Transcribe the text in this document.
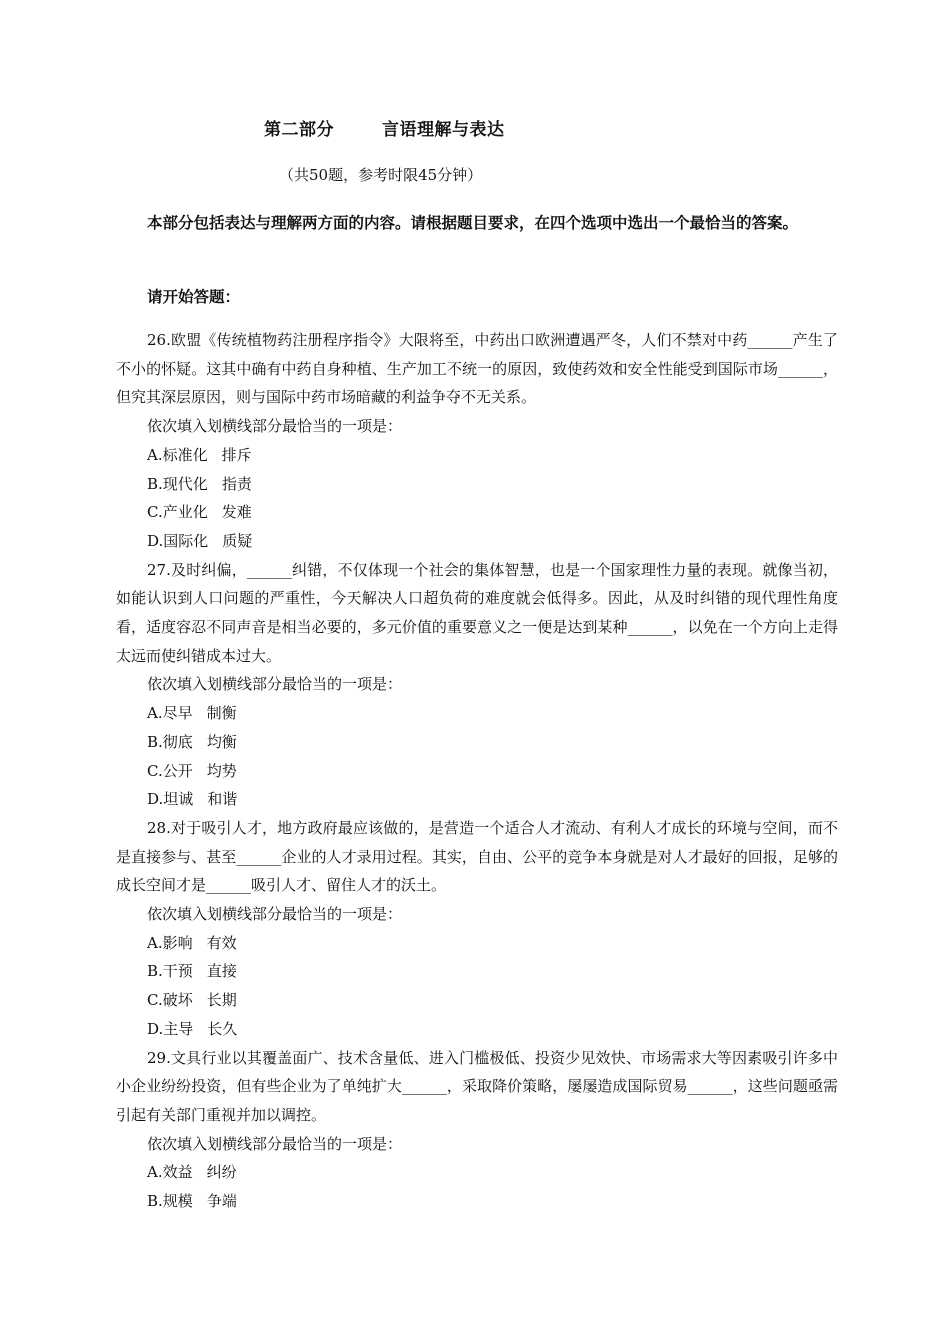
第二部分	言语理解与表达
（共50题，参考时限45分钟）

本部分包括表达与理解两方面的内容。请根据题目要求，在四个选项中选出一个最恰当的答案。

请开始答题：

26.欧盟《传统植物药注册程序指令》大限将至，中药出口欧洲遭遇严冬，人们不禁对中药______产生了不小的怀疑。这其中确有中药自身种植、生产加工不统一的原因，致使药效和安全性能受到国际市场______，但究其深层原因，则与国际中药市场暗藏的利益争夺不无关系。

依次填入划横线部分最恰当的一项是：

A.标准化 排斥

B.现代化 指责

C.产业化 发难

D.国际化 质疑

27.及时纠偏，______纠错，不仅体现一个社会的集体智慧，也是一个国家理性力量的表现。就像当初，如能认识到人口问题的严重性，今天解决人口超负荷的难度就会低得多。因此，从及时纠错的现代理性角度看，适度容忍不同声音是相当必要的，多元价值的重要意义之一便是达到某种______，以免在一个方向上走得太远而使纠错成本过大。

依次填入划横线部分最恰当的一项是：

A.尽早 制衡

B.彻底 均衡

C.公开 均势

D.坦诚 和谐

28.对于吸引人才，地方政府最应该做的，是营造一个适合人才流动、有利人才成长的环境与空间，而不是直接参与、甚至______企业的人才录用过程。其实，自由、公平的竞争本身就是对人才最好的回报，足够的成长空间才是______吸引人才、留住人才的沃土。

依次填入划横线部分最恰当的一项是：

A.影响 有效

B.干预 直接

C.破坏 长期

D.主导 长久

29.文具行业以其覆盖面广、技术含量低、进入门槛极低、投资少见效快、市场需求大等因素吸引许多中小企业纷纷投资，但有些企业为了单纯扩大______，采取降价策略，屡屡造成国际贸易______，这些问题亟需引起有关部门重视并加以调控。

依次填入划横线部分最恰当的一项是：

A.效益 纠纷

B.规模 争端
